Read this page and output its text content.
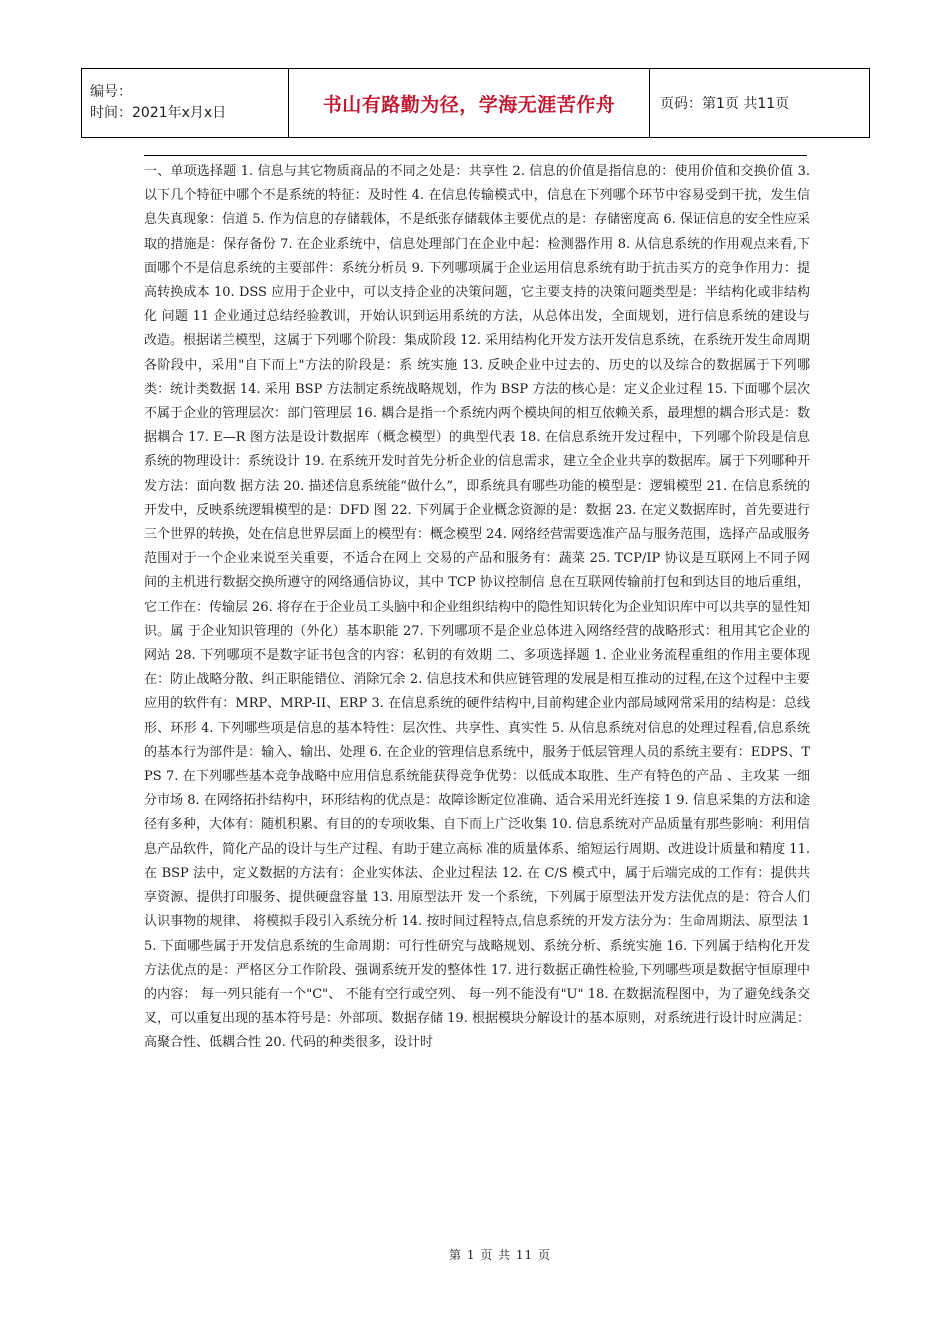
编号：
时间：2021年x月x日	书山有路勤为径，学海无涯苦作舟	页码：第1页 共11页

一、单项选择题 1. 信息与其它物质商品的不同之处是：共享性 2. 信息的价值是指信息的：使用价值和交换价值 3. 以下几个特征中哪个不是系统的特征：及时性 4. 在信息传输模式中，信息在下列哪个环节中容易受到干扰，发生信息失真现象：信道 5. 作为信息的存储载体，不是纸张存储载体主要优点的是：存储密度高 6. 保证信息的安全性应采取的措施是：保存备份 7. 在企业系统中，信息处理部门在企业中起：检测器作用 8. 从信息系统的作用观点来看,下面哪个不是信息系统的主要部件：系统分析员 9. 下列哪项属于企业运用信息系统有助于抗击买方的竞争作用力：提高转换成本 10. DSS 应用于企业中，可以支持企业的决策问题，它主要支持的决策问题类型是：半结构化或非结构化 问题 11 企业通过总结经验教训，开始认识到运用系统的方法，从总体出发，全面规划，进行信息系统的建设与 改造。根据诺兰模型，这属于下列哪个阶段：集成阶段 12. 采用结构化开发方法开发信息系统，在系统开发生命周期各阶段中，采用"自下而上"方法的阶段是：系 统实施 13. 反映企业中过去的、历史的以及综合的数据属于下列哪类：统计类数据 14. 采用 BSP 方法制定系统战略规划，作为 BSP 方法的核心是：定义企业过程 15. 下面哪个层次不属于企业的管理层次：部门管理层 16. 耦合是指一个系统内两个模块间的相互依赖关系，最理想的耦合形式是：数据耦合 17. E—R 图方法是设计数据库（概念模型）的典型代表 18. 在信息系统开发过程中，下列哪个阶段是信息系统的物理设计：系统设计 19. 在系统开发时首先分析企业的信息需求，建立全企业共享的数据库。属于下列哪种开发方法：面向数 据方法 20. 描述信息系统能“做什么”，即系统具有哪些功能的模型是：逻辑模型 21. 在信息系统的开发中，反映系统逻辑模型的是：DFD 图 22. 下列属于企业概念资源的是：数据 23. 在定义数据库时，首先要进行三个世界的转换，处在信息世界层面上的模型有：概念模型 24. 网络经营需要选准产品与服务范围，选择产品或服务范围对于一个企业来说至关重要，不适合在网上 交易的产品和服务有：蔬菜 25. TCP/IP 协议是互联网上不同子网间的主机进行数据交换所遵守的网络通信协议，其中 TCP 协议控制信 息在互联网传输前打包和到达目的地后重组，它工作在：传输层 26. 将存在于企业员工头脑中和企业组织结构中的隐性知识转化为企业知识库中可以共享的显性知识。属 于企业知识管理的（外化）基本职能 27. 下列哪项不是企业总体进入网络经营的战略形式：租用其它企业的网站 28. 下列哪项不是数字证书包含的内容：私钥的有效期 二、多项选择题 1. 企业业务流程重组的作用主要体现在：防止战略分散、纠正职能错位、消除冗余 2. 信息技术和供应链管理的发展是相互推动的过程,在这个过程中主要应用的软件有：MRP、MRP-II、ERP 3. 在信息系统的硬件结构中,目前构建企业内部局域网常采用的结构是：总线形、环形 4. 下列哪些项是信息的基本特性：层次性、共享性、真实性 5. 从信息系统对信息的处理过程看,信息系统的基本行为部件是：输入、输出、处理 6. 在企业的管理信息系统中，服务于低层管理人员的系统主要有：EDPS、TPS 7. 在下列哪些基本竞争战略中应用信息系统能获得竞争优势：以低成本取胜、生产有特色的产品 、主攻某 一细分市场 8. 在网络拓扑结构中，环形结构的优点是：故障诊断定位准确、适合采用光纤连接 1 9. 信息采集的方法和途径有多种，大体有：随机积累、有目的的专项收集、自下而上广泛收集 10. 信息系统对产品质量有那些影响：利用信息产品软件，简化产品的设计与生产过程、有助于建立高标 准的质量体系、缩短运行周期、改进设计质量和精度 11. 在 BSP 法中，定义数据的方法有：企业实体法、企业过程法 12. 在 C/S 模式中，属于后端完成的工作有：提供共享资源、提供打印服务、提供硬盘容量 13. 用原型法开 发一个系统，下列属于原型法开发方法优点的是：符合人们认识事物的规律、 将模拟手段引入系统分析 14. 按时间过程特点,信息系统的开发方法分为：生命周期法、原型法 15. 下面哪些属于开发信息系统的生命周期：可行性研究与战略规划、系统分析、系统实施 16. 下列属于结构化开发方法优点的是：严格区分工作阶段、强调系统开发的整体性 17. 进行数据正确性检验,下列哪些项是数据守恒原理中的内容： 每一列只能有一个"C"、 不能有空行或空列、 每一列不能没有"U" 18. 在数据流程图中，为了避免线条交叉，可以重复出现的基本符号是：外部项、数据存储 19. 根据模块分解设计的基本原则，对系统进行设计时应满足：高聚合性、低耦合性 20. 代码的种类很多，设计时

第 1 页 共 11 页
